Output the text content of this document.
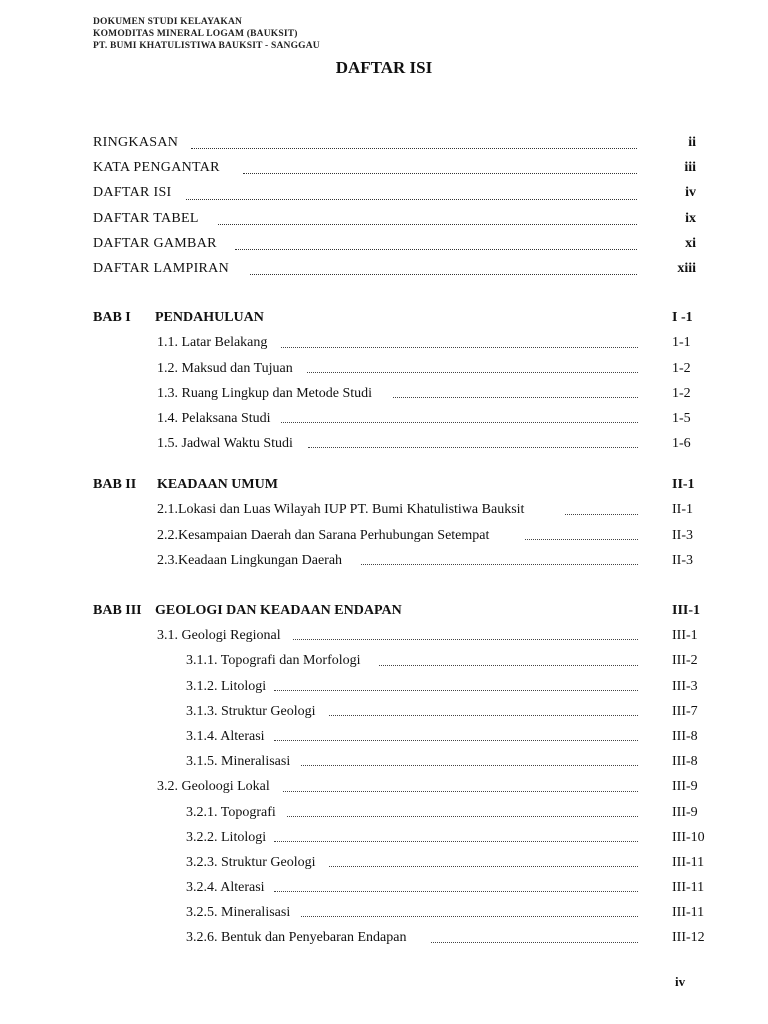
DOKUMEN STUDI KELAYAKAN
KOMODITAS MINERAL LOGAM (BAUKSIT)
PT. BUMI KHATULISTIWA BAUKSIT - SANGGAU
DAFTAR ISI
RINGKASAN	ii
KATA PENGANTAR	iii
DAFTAR ISI	iv
DAFTAR TABEL	ix
DAFTAR GAMBAR	xi
DAFTAR LAMPIRAN	xiii
BAB I PENDAHULUAN	I -1
1.1. Latar Belakang	1-1
1.2. Maksud dan Tujuan	1-2
1.3. Ruang Lingkup dan Metode Studi	1-2
1.4. Pelaksana Studi	1-5
1.5. Jadwal Waktu Studi	1-6
BAB II KEADAAN UMUM	II-1
2.1.Lokasi dan Luas Wilayah IUP PT. Bumi Khatulistiwa Bauksit	II-1
2.2.Kesampaian Daerah dan Sarana Perhubungan Setempat	II-3
2.3.Keadaan Lingkungan Daerah	II-3
BAB III GEOLOGI DAN KEADAAN ENDAPAN	III-1
3.1. Geologi Regional	III-1
3.1.1. Topografi dan Morfologi	III-2
3.1.2. Litologi	III-3
3.1.3. Struktur Geologi	III-7
3.1.4. Alterasi	III-8
3.1.5. Mineralisasi	III-8
3.2. Geoloogi Lokal	III-9
3.2.1. Topografi	III-9
3.2.2. Litologi	III-10
3.2.3. Struktur Geologi	III-11
3.2.4. Alterasi	III-11
3.2.5. Mineralisasi	III-11
3.2.6. Bentuk dan Penyebaran Endapan	III-12
iv
